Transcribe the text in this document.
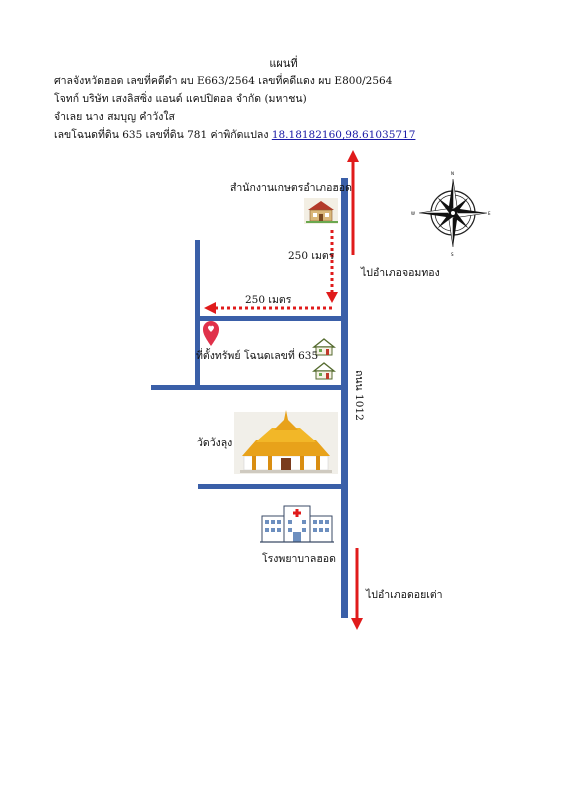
แผนที่
ศาลจังหวัดฮอด เลขที่คดีดำ ผบ E663/2564 เลขที่คดีแดง ผบ E800/2564
โจทก์ บริษัท เสงลิสซิ่ง แอนด์ แคปปิตอล จำกัด (มหาชน)
จำเลย นาง สมบุญ คำวังใส
เลขโฉนดที่ดิน 635 เลขที่ดิน 781 ค่าพิกัดแปลง 18.18182160,98.61035717
N
E
S
W
สำนักงานเกษตรอำเภอฮอด
ไปอำเภอจอมทอง
250 เมตร
250 เมตร
ที่ตั้งทรัพย์ โฉนดเลขที่ 635
ถนน 1012
วัดวังลุง
โรงพยาบาลฮอด
ไปอำเภอดอยเต่า
